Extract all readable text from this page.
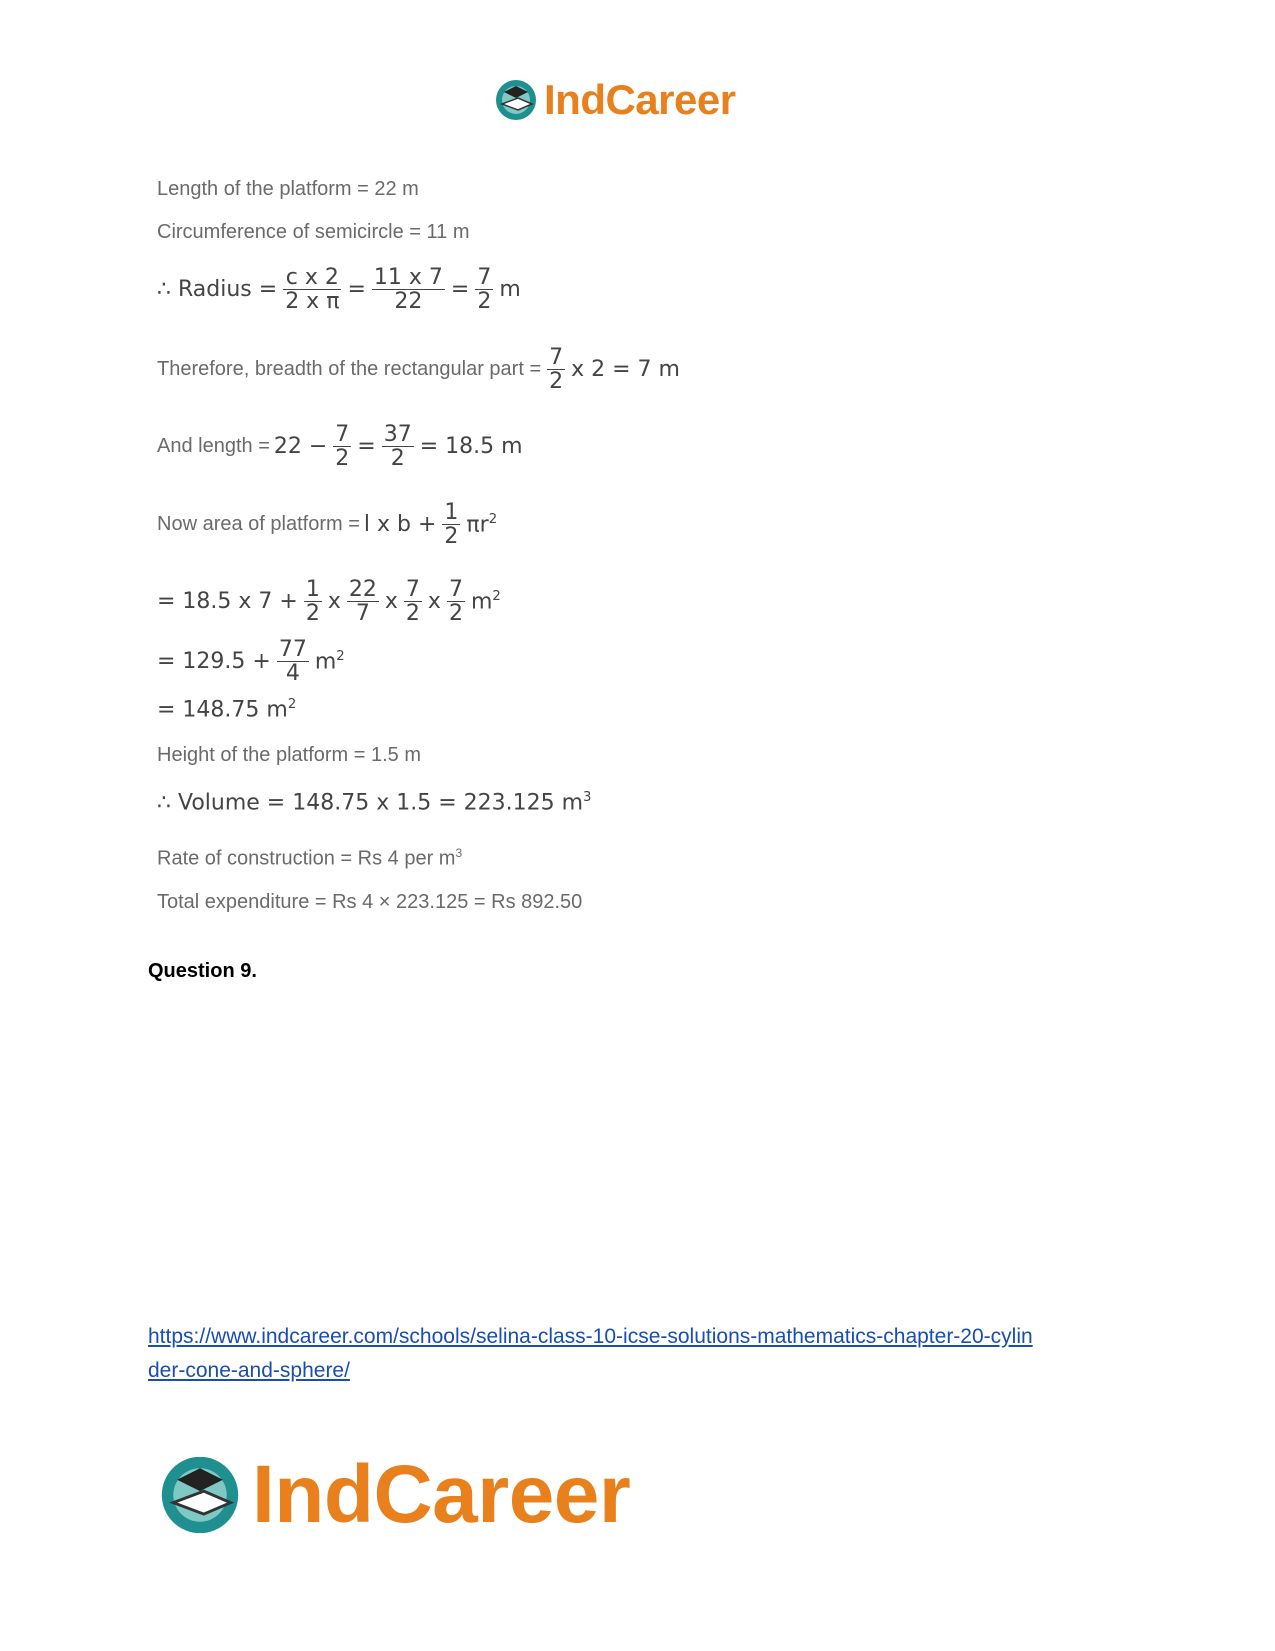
IndCareer
Length of the platform = 22 m
Circumference of semicircle = 11 m
∴ Radius = $\frac{\text{c x 2}}{\text{2 x π}} = \frac{11 x 7}{22} = \frac{7}{2}$ m
Therefore, breadth of the rectangular part = $\frac{7}{2}$ x 2 = 7 m
And length = $22 - \frac{7}{2} = \frac{37}{2} = 18.5$ m
Now area of platform = l x $b + \frac{1}{2} \pi r^2$
= 18.5 x $7 + \frac{1}{2}$ x $\frac{22}{7}$ x $\frac{7}{2}$ x $\frac{7}{2} m^2$
= $129.5 + \frac{77}{4} m^2$
= 148.75 $m^2$
Height of the platform = 1.5 m
∴ Volume = 148.75 x 1.5 = 223.125 $m^3$
Rate of construction = Rs 4 per $m^3$
Total expenditure = Rs 4 × 223.125 = Rs 892.50
Question 9.
https://www.indcareer.com/schools/selina-class-10-icse-solutions-mathematics-chapter-20-cylin
der-cone-and-sphere/
IndCareer
